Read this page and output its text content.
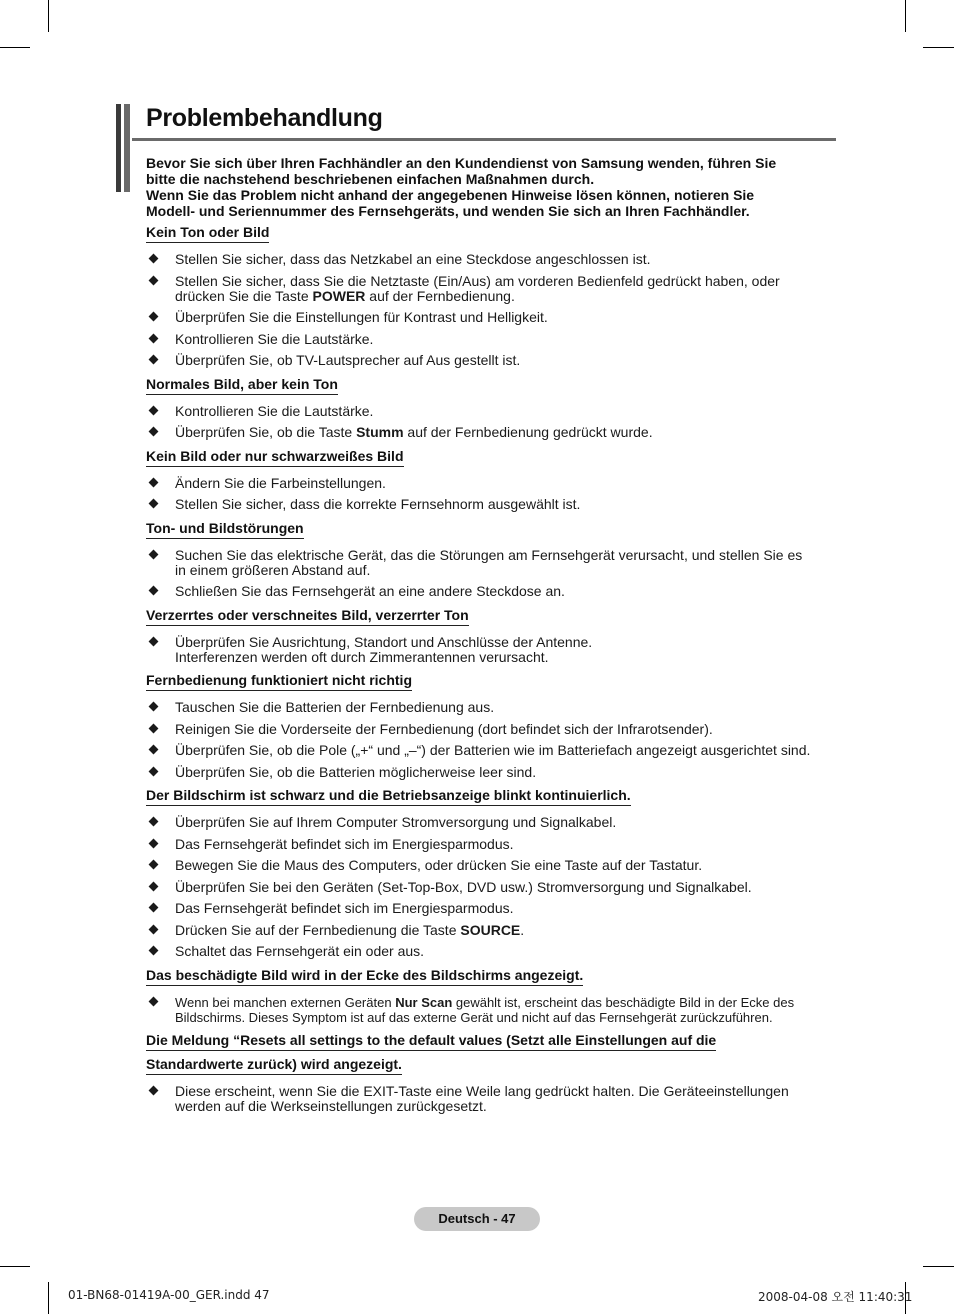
Problembehandlung

Bevor Sie sich über Ihren Fachhändler an den Kundendienst von Samsung wenden, führen Sie

bitte die nachstehend beschriebenen einfachen Maßnahmen durch.

Wenn Sie das Problem nicht anhand der angegebenen Hinweise lösen können, notieren Sie

Modell- und Seriennummer des Fernsehgeräts, und wenden Sie sich an Ihren Fachhändler.

Kein Ton oder Bild
Stellen Sie sicher, dass das Netzkabel an eine Steckdose angeschlossen ist.
Stellen Sie sicher, dass Sie die Netztaste (Ein/Aus) am vorderen Bedienfeld gedrückt haben, oder
drücken Sie die Taste POWER auf der Fernbedienung.
Überprüfen Sie die Einstellungen für Kontrast und Helligkeit.
Kontrollieren Sie die Lautstärke.
Überprüfen Sie, ob TV-Lautsprecher auf Aus gestellt ist.
Normales Bild, aber kein Ton
Kontrollieren Sie die Lautstärke.
Überprüfen Sie, ob die Taste Stumm auf der Fernbedienung gedrückt wurde.
Kein Bild oder nur schwarzweißes Bild
Ändern Sie die Farbeinstellungen.
Stellen Sie sicher, dass die korrekte Fernsehnorm ausgewählt ist.
Ton- und Bildstörungen
Suchen Sie das elektrische Gerät, das die Störungen am Fernsehgerät verursacht, und stellen Sie es
in einem größeren Abstand auf.
Schließen Sie das Fernsehgerät an eine andere Steckdose an.
Verzerrtes oder verschneites Bild, verzerrter Ton
Überprüfen Sie Ausrichtung, Standort und Anschlüsse der Antenne.
Interferenzen werden oft durch Zimmerantennen verursacht.
Fernbedienung funktioniert nicht richtig
Tauschen Sie die Batterien der Fernbedienung aus.
Reinigen Sie die Vorderseite der Fernbedienung (dort befindet sich der Infrarotsender).
Überprüfen Sie, ob die Pole („+“ und „–“) der Batterien wie im Batteriefach angezeigt ausgerichtet sind.
Überprüfen Sie, ob die Batterien möglicherweise leer sind.
Der Bildschirm ist schwarz und die Betriebsanzeige blinkt kontinuierlich.
Überprüfen Sie auf Ihrem Computer Stromversorgung und Signalkabel.
Das Fernsehgerät befindet sich im Energiesparmodus.
Bewegen Sie die Maus des Computers, oder drücken Sie eine Taste auf der Tastatur.
Überprüfen Sie bei den Geräten (Set-Top-Box, DVD usw.) Stromversorgung und Signalkabel.
Das Fernsehgerät befindet sich im Energiesparmodus.
Drücken Sie auf der Fernbedienung die Taste SOURCE.
Schaltet das Fernsehgerät ein oder aus.
Das beschädigte Bild wird in der Ecke des Bildschirms angezeigt.
Wenn bei manchen externen Geräten Nur Scan gewählt ist, erscheint das beschädigte Bild in der Ecke des
Bildschirms. Dieses Symptom ist auf das externe Gerät und nicht auf das Fernsehgerät zurückzuführen.
Die Meldung “Resets all settings to the default values (Setzt alle Einstellungen auf die
Standardwerte zurück) wird angezeigt.
Diese erscheint, wenn Sie die EXIT-Taste eine Weile lang gedrückt halten. Die Geräteeinstellungen
werden auf die Werkseinstellungen zurückgesetzt.
Deutsch - 47
01-BN68-01419A-00_GER.indd 47	2008-04-08 오전 11:40:31
